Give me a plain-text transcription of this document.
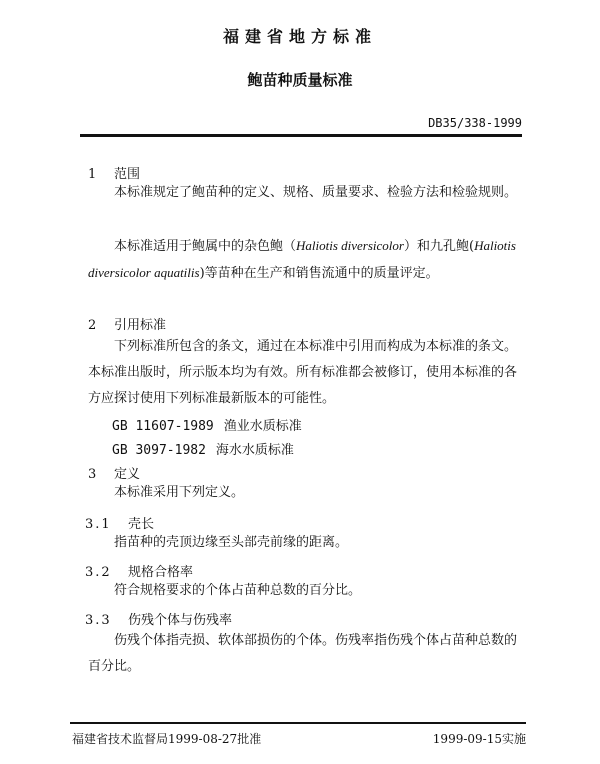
福建省地方标准
鲍苗种质量标准
DB35/338-1999
1 范围
本标准规定了鲍苗种的定义、规格、质量要求、检验方法和检验规则。
本标准适用于鲍属中的杂色鲍（Haliotis diversicolor）和九孔鲍(Haliotis diversicolor aquatilis)等苗种在生产和销售流通中的质量评定。
2 引用标准
下列标准所包含的条文，通过在本标准中引用而构成为本标准的条文。本标准出版时，所示版本均为有效。所有标准都会被修订，使用本标准的各方应探讨使用下列标准最新版本的可能性。
GB 11607-1989 渔业水质标准
GB 3097-1982 海水水质标准
3 定义
本标准采用下列定义。
3.1 壳长
指苗种的壳顶边缘至头部壳前缘的距离。
3.2 规格合格率
符合规格要求的个体占苗种总数的百分比。
3.3 伤残个体与伤残率
伤残个体指壳损、软体部损伤的个体。伤残率指伤残个体占苗种总数的百分比。
福建省技术监督局1999-08-27批准	1999-09-15实施
